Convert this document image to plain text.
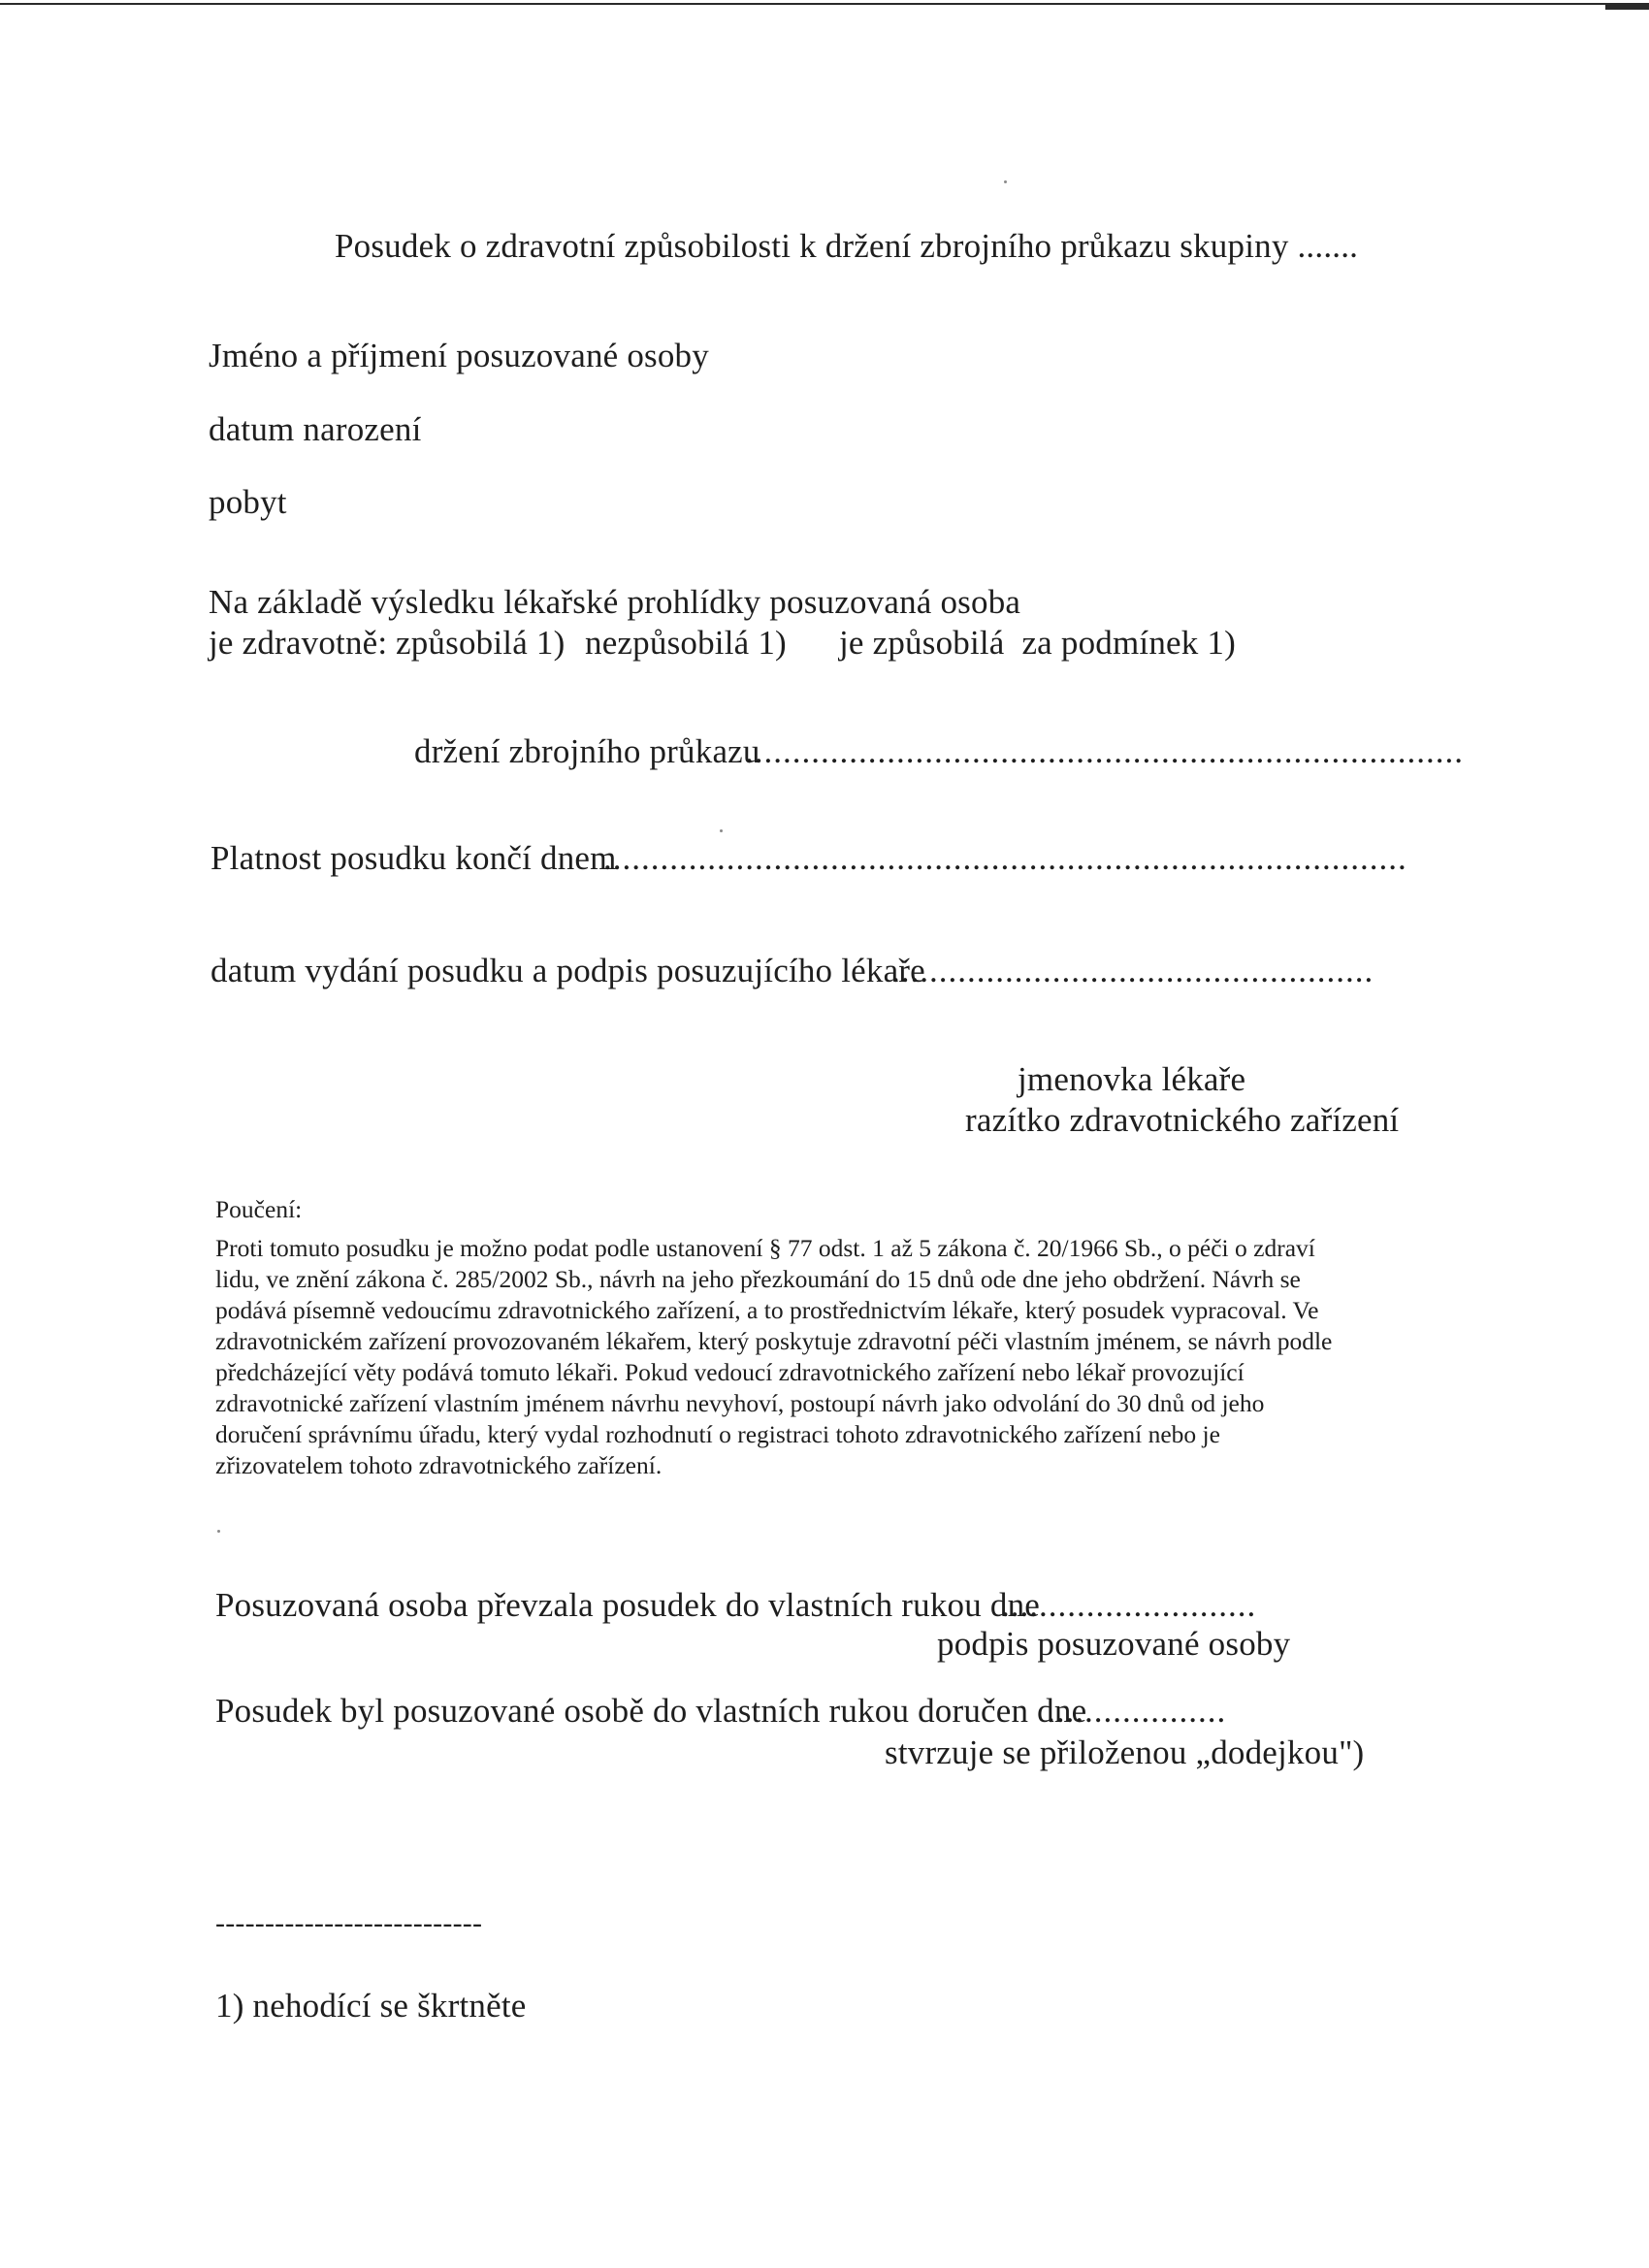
Posudek o zdravotní způsobilosti k držení zbrojního průkazu skupiny .......
Jméno a příjmení posuzované osoby
datum narození
pobyt
Na základě výsledku lékařské prohlídky posuzovaná osoba
je zdravotně: způsobilá 1) nezpůsobilá 1) je způsobilá  za podmínek 1)
držení zbrojního průkazu
............................................................................
Platnost posudku končí dnem
.....................................................................................
datum vydání posudku a podpis posuzujícího lékaře
...................................................
jmenovka lékaře
razítko zdravotnického zařízení
Poučení:
Proti tomuto posudku je možno podat podle ustanovení § 77 odst. 1 až 5 zákona č. 20/1966 Sb., o péči o zdraví
lidu, ve znění zákona č. 285/2002 Sb., návrh na jeho přezkoumání do 15 dnů ode dne jeho obdržení. Návrh se
podává písemně vedoucímu zdravotnického zařízení, a to prostřednictvím lékaře, který posudek vypracoval. Ve
zdravotnickém zařízení provozovaném lékařem, který poskytuje zdravotní péči vlastním jménem, se návrh podle
předcházející věty podává tomuto lékaři. Pokud vedoucí zdravotnického zařízení nebo lékař provozující
zdravotnické zařízení vlastním jménem návrhu nevyhoví, postoupí návrh jako odvolání do 30 dnů od jeho
doručení správnímu úřadu, který vydal rozhodnutí o registraci tohoto zdravotnického zařízení nebo je
zřizovatelem tohoto zdravotnického zařízení.
Posuzovaná osoba převzala posudek do vlastních rukou dne
...........................
podpis posuzované osoby
Posudek byl posuzované osobě do vlastních rukou doručen dne
...................
stvrzuje se přiloženou „dodejkou")
---------------------------
1) nehodící se škrtněte
